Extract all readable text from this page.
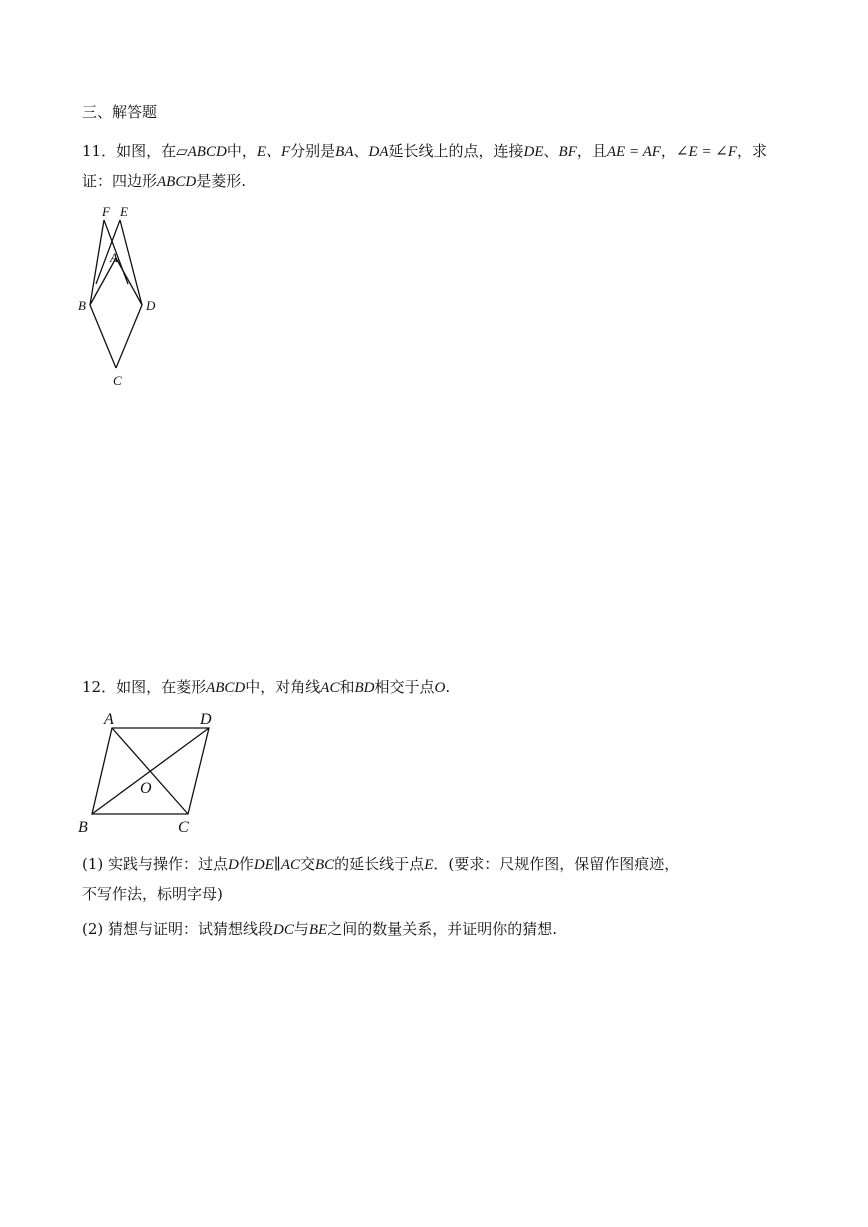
三、解答题
11．如图，在▱ABCD中，E、F分别是BA、DA延长线上的点，连接DE、BF，且AE = AF，∠E = ∠F，求
证：四边形ABCD是菱形.
F E
A
B	D
C
12．如图，在菱形ABCD中，对角线AC和BD相交于点O.
A	D
O
B	C
(1) 实践与操作：过点D作DE∥AC交BC的延长线于点E．(要求：尺规作图，保留作图痕迹，
不写作法，标明字母)
(2) 猜想与证明：试猜想线段DC与BE之间的数量关系，并证明你的猜想.
